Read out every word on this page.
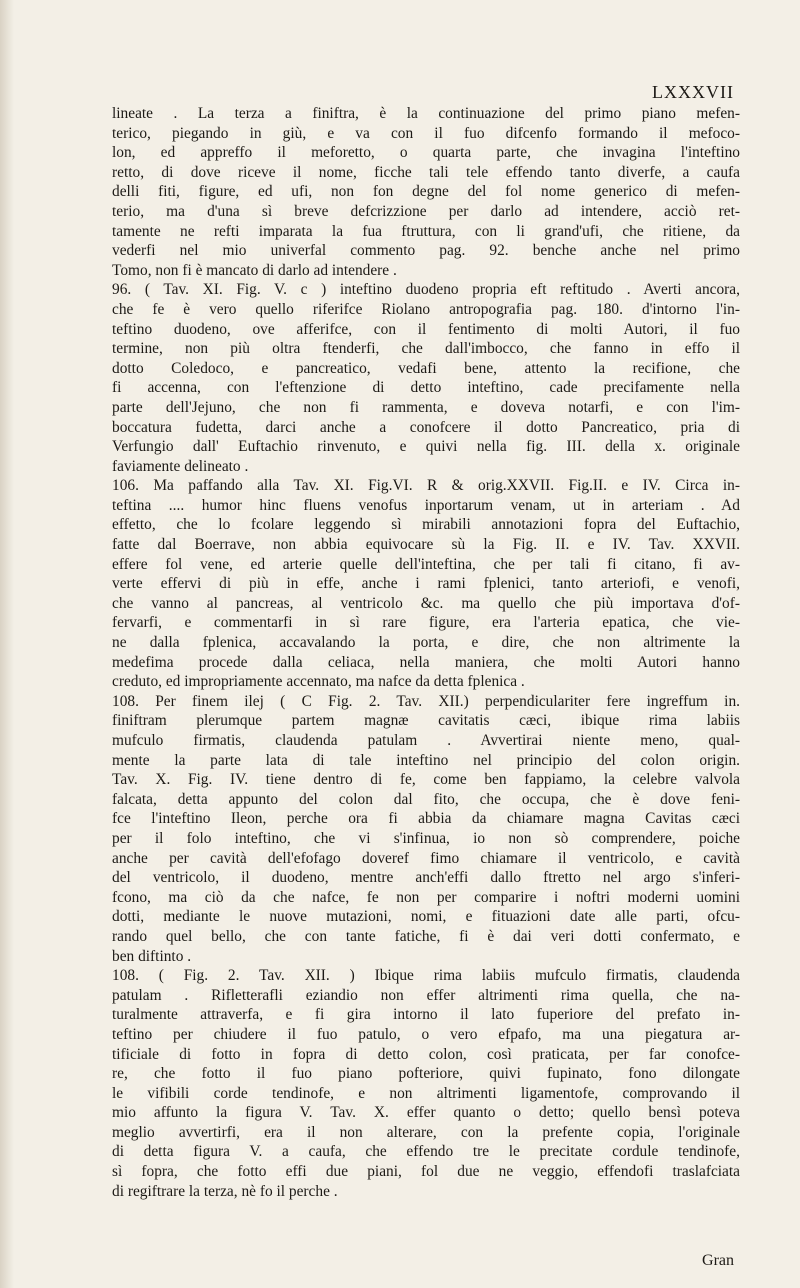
LXXXVII
lineate . La terza a finiftra, è la continuazione del primo piano mefen-
terico, piegando in giù, e va con il fuo difcenfo formando il mefoco-
lon, ed appreffo il meforetto, o quarta parte, che invagina l'inteftino
retto, di dove riceve il nome, ficche tali tele effendo tanto diverfe, a caufa
delli fiti, figure, ed ufi, non fon degne del fol nome generico di mefen-
terio, ma d'una sì breve defcrizzione per darlo ad intendere, acciò ret-
tamente ne refti imparata la fua ftruttura, con li grand'ufi, che ritiene, da
vederfi nel mio univerfal commento pag. 92. benche anche nel primo
Tomo, non fi è mancato di darlo ad intendere .
96. ( Tav. XI. Fig. V. c ) inteftino duodeno propria eft reftitudo . Averti ancora,
che fe è vero quello riferifce Riolano antropografia pag. 180. d'intorno l'in-
teftino duodeno, ove afferifce, con il fentimento di molti Autori, il fuo
termine, non più oltra ftenderfi, che dall'imbocco, che fanno in effo il
dotto Coledoco, e pancreatico, vedafi bene, attento la recifione, che
fi accenna, con l'eftenzione di detto inteftino, cade precifamente nella
parte dell'Jejuno, che non fi rammenta, e doveva notarfi, e con l'im-
boccatura fudetta, darci anche a conofcere il dotto Pancreatico, pria di
Verfungio dall' Euftachio rinvenuto, e quivi nella fig. III. della x. originale
faviamente delineato .
106. Ma paffando alla Tav. XI. Fig.VI. R & orig.XXVII. Fig.II. e IV. Circa in-
teftina .... humor hinc fluens venofus inportarum venam, ut in arteriam . Ad
effetto, che lo fcolare leggendo sì mirabili annotazioni fopra del Euftachio,
fatte dal Boerrave, non abbia equivocare sù la Fig. II. e IV. Tav. XXVII.
effere fol vene, ed arterie quelle dell'inteftina, che per tali fi citano, fi av-
verte effervi di più in effe, anche i rami fplenici, tanto arteriofi, e venofi,
che vanno al pancreas, al ventricolo &c. ma quello che più importava d'of-
fervarfi, e commentarfi in sì rare figure, era l'arteria epatica, che vie-
ne dalla fplenica, accavalando la porta, e dire, che non altrimente la
medefima procede dalla celiaca, nella maniera, che molti Autori hanno
creduto, ed impropriamente accennato, ma nafce da detta fplenica .
108. Per finem ilej ( C Fig. 2. Tav. XII.) perpendiculariter fere ingreffum in.
finiftram plerumque partem magnæ cavitatis cæci, ibique rima labiis
mufculo firmatis, claudenda patulam . Avvertirai niente meno, qual-
mente la parte lata di tale inteftino nel principio del colon origin.
Tav. X. Fig. IV. tiene dentro di fe, come ben fappiamo, la celebre valvola
falcata, detta appunto del colon dal fito, che occupa, che è dove feni-
fce l'inteftino Ileon, perche ora fi abbia da chiamare magna Cavitas cæci
per il folo inteftino, che vi s'infinua, io non sò comprendere, poiche
anche per cavità dell'efofago doveref fimo chiamare il ventricolo, e cavità
del ventricolo, il duodeno, mentre anch'effi dallo ftretto nel argo s'inferi-
fcono, ma ciò da che nafce, fe non per comparire i noftri moderni uomini
dotti, mediante le nuove mutazioni, nomi, e fituazioni date alle parti, ofcu-
rando quel bello, che con tante fatiche, fi è dai veri dotti confermato, e
ben diftinto .
108. ( Fig. 2. Tav. XII. ) Ibique rima labiis mufculo firmatis, claudenda
patulam . Rifletterafli eziandio non effer altrimenti rima quella, che na-
turalmente attraverfa, e fi gira intorno il lato fuperiore del prefato in-
teftino per chiudere il fuo patulo, o vero efpafo, ma una piegatura ar-
tificiale di fotto in fopra di detto colon, così praticata, per far conofce-
re, che fotto il fuo piano pofteriore, quivi fupinato, fono dilongate
le vifibili corde tendinofe, e non altrimenti ligamentofe, comprovando il
mio affunto la figura V. Tav. X. effer quanto o detto; quello bensì poteva
meglio avvertirfi, era il non alterare, con la prefente copia, l'originale
di detta figura V. a caufa, che effendo tre le precitate cordule tendinofe,
sì fopra, che fotto effi due piani, fol due ne veggio, effendofi traslafciata
di regiftrare la terza, nè fo il perche .
Gran
